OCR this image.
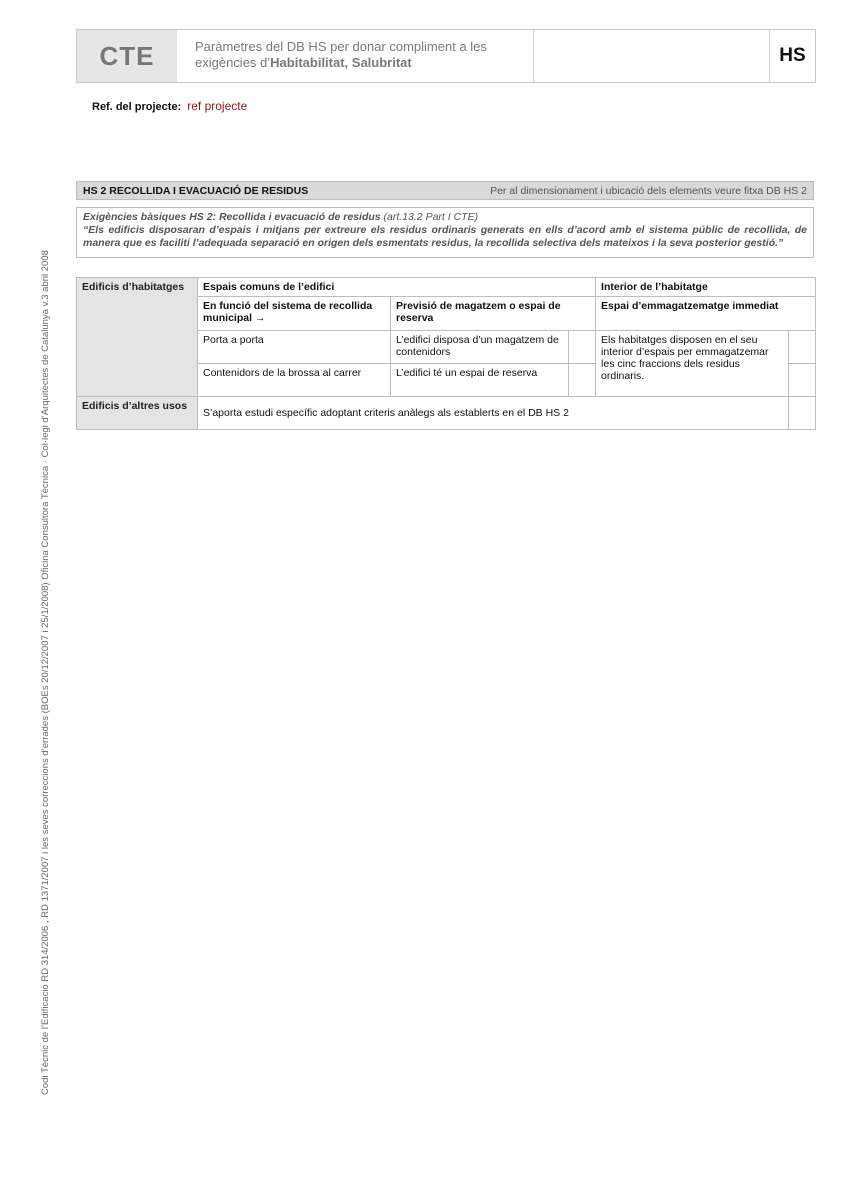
CTE	Paràmetres del DB HS per donar compliment a les
exigències d’Habitabilitat, Salubritat	HS
Ref. del projecte: ref projecte
Codi Tècnic de l’Edificació RD 314/2006 , RD 1371/2007 i les seves correccions d’errades (BOEs 20/12/2007 i 25/1/2008) Oficina Consultora Tècnica · Col·legi d’Arquitectes de Catalunya v.3 abril 2008
HS 2 RECOLLIDA I EVACUACIÓ DE RESIDUS	Per al dimensionament i ubicació dels elements veure fitxa DB HS 2
Exigències bàsiques HS 2: Recollida i evacuació de residus (art.13.2 Part I CTE)
“Els edificis disposaran d’espais i mitjans per extreure els residus ordinaris generats en ells d’acord amb el sistema públic de recollida, de manera que es faciliti l’adequada separació en origen dels esmentats residus, la recollida selectiva dels mateixos i la seva posterior gestió.”
Edificis d’habitatges	Espais comuns de l’edifici			Interior de l’habitatge	
	En funció del sistema de recollida municipal →	Previsió de magatzem o espai de reserva		Espai d’emmagatzematge immediat	
	Porta a porta	L’edifici disposa d’un magatzem de contenidors		Els habitatges disposen en el seu interior d’espais per emmagatzemar les cinc fraccions dels residus ordinaris.	
	Contenidors de la brossa al carrer	L’edifici té un espai de reserva			
Edificis d’altres usos	S’aporta estudi específic adoptant criteris anàlegs als establerts en el DB HS 2				
